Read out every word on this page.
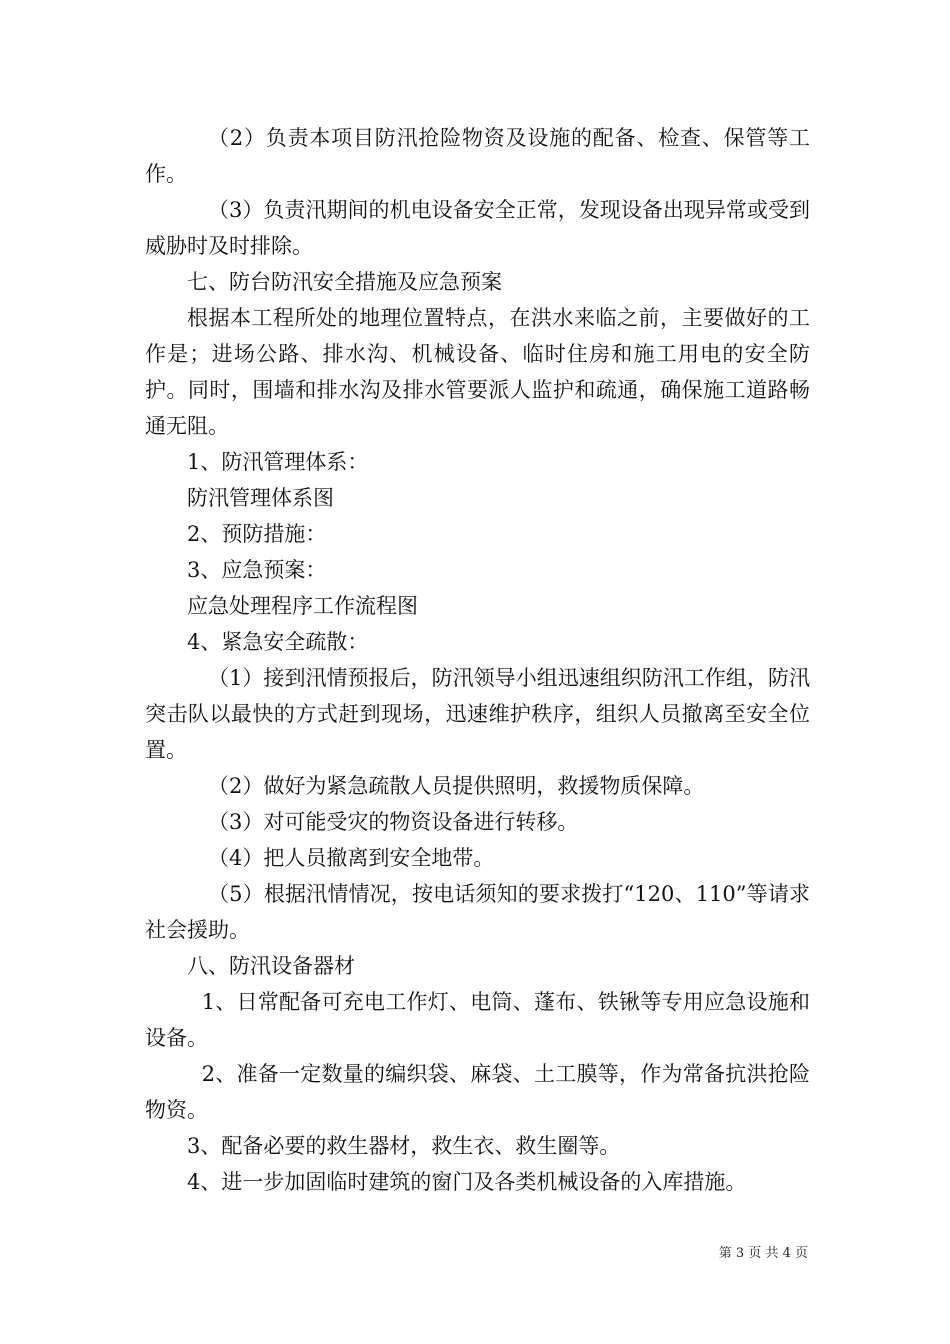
（2）负责本项目防汛抢险物资及设施的配备、检查、保管等工作。

（3）负责汛期间的机电设备安全正常，发现设备出现异常或受到威胁时及时排除。

七、防台防汛安全措施及应急预案

根据本工程所处的地理位置特点，在洪水来临之前，主要做好的工作是；进场公路、排水沟、机械设备、临时住房和施工用电的安全防护。同时，围墙和排水沟及排水管要派人监护和疏通，确保施工道路畅通无阻。

1、防汛管理体系：

防汛管理体系图

2、预防措施：

3、应急预案：

应急处理程序工作流程图

4、紧急安全疏散：

（1）接到汛情预报后，防汛领导小组迅速组织防汛工作组，防汛突击队以最快的方式赶到现场，迅速维护秩序，组织人员撤离至安全位置。

（2）做好为紧急疏散人员提供照明，救援物质保障。

（3）对可能受灾的物资设备进行转移。

（4）把人员撤离到安全地带。

（5）根据汛情情况，按电话须知的要求拨打“120、110”等请求社会援助。

八、防汛设备器材

1、日常配备可充电工作灯、电筒、蓬布、铁锹等专用应急设施和设备。

2、准备一定数量的编织袋、麻袋、土工膜等，作为常备抗洪抢险物资。

3、配备必要的救生器材，救生衣、救生圈等。

4、进一步加固临时建筑的窗门及各类机械设备的入库措施。

第 3 页 共 4 页
